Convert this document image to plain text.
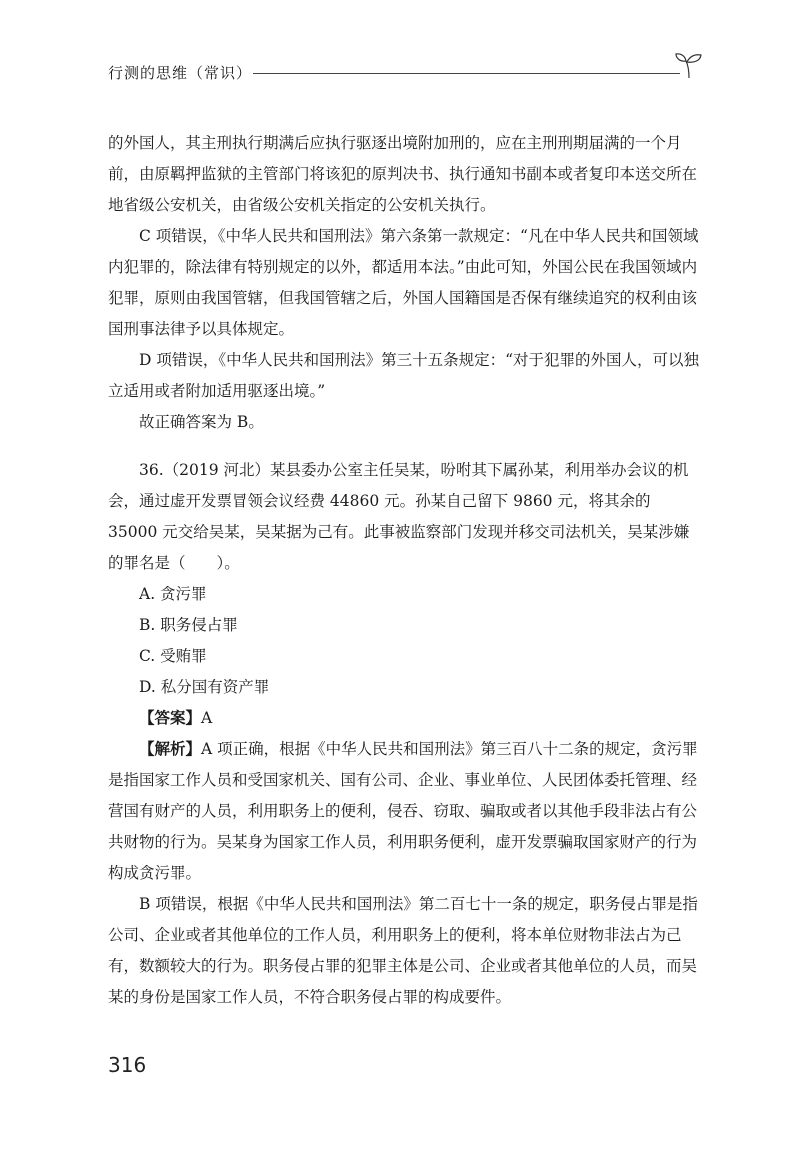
行测的思维（常识）

的外国人，其主刑执行期满后应执行驱逐出境附加刑的，应在主刑刑期届满的一个月前，由原羁押监狱的主管部门将该犯的原判决书、执行通知书副本或者复印本送交所在地省级公安机关，由省级公安机关指定的公安机关执行。

C 项错误，《中华人民共和国刑法》第六条第一款规定：“凡在中华人民共和国领域内犯罪的，除法律有特别规定的以外，都适用本法。”由此可知，外国公民在我国领域内犯罪，原则由我国管辖，但我国管辖之后，外国人国籍国是否保有继续追究的权利由该国刑事法律予以具体规定。

D 项错误，《中华人民共和国刑法》第三十五条规定：“对于犯罪的外国人，可以独立适用或者附加适用驱逐出境。”

故正确答案为 B。

36.（2019 河北）某县委办公室主任吴某，吩咐其下属孙某，利用举办会议的机会，通过虚开发票冒领会议经费 44860 元。孙某自己留下 9860 元，将其余的 35000 元交给吴某，吴某据为己有。此事被监察部门发现并移交司法机关，吴某涉嫌的罪名是（　　）。

A. 贪污罪

B. 职务侵占罪

C. 受贿罪

D. 私分国有资产罪

【答案】A

【解析】A 项正确，根据《中华人民共和国刑法》第三百八十二条的规定，贪污罪是指国家工作人员和受国家机关、国有公司、企业、事业单位、人民团体委托管理、经营国有财产的人员，利用职务上的便利，侵吞、窃取、骗取或者以其他手段非法占有公共财物的行为。吴某身为国家工作人员，利用职务便利，虚开发票骗取国家财产的行为构成贪污罪。

B 项错误，根据《中华人民共和国刑法》第二百七十一条的规定，职务侵占罪是指公司、企业或者其他单位的工作人员，利用职务上的便利，将本单位财物非法占为己有，数额较大的行为。职务侵占罪的犯罪主体是公司、企业或者其他单位的人员，而吴某的身份是国家工作人员，不符合职务侵占罪的构成要件。

316
